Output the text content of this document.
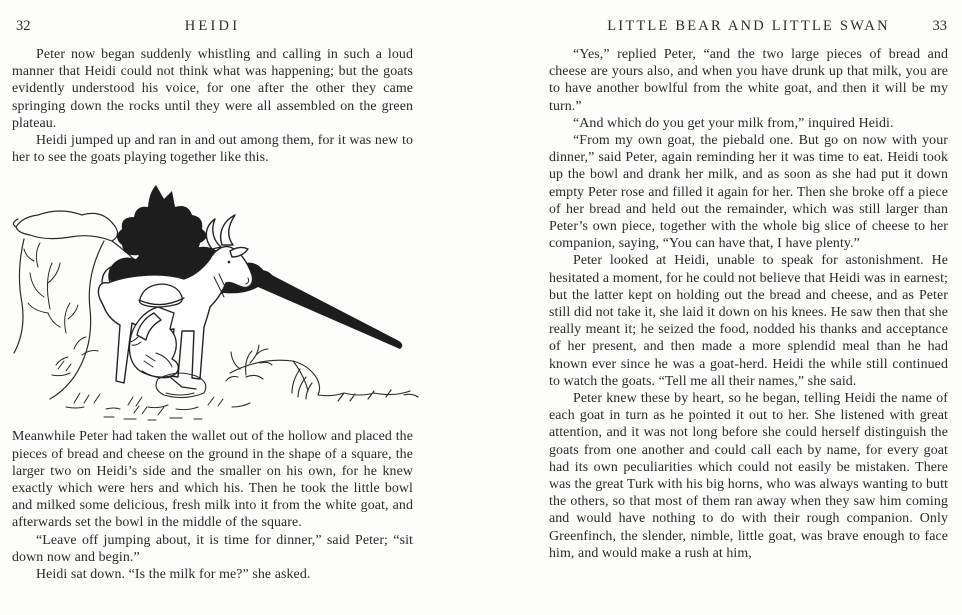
32	HEIDI

Peter now began suddenly whistling and calling in such a loud manner that Heidi could not think what was happening; but the goats evidently understood his voice, for one after the other they came springing down the rocks until they were all assembled on the green plateau.

Heidi jumped up and ran in and out among them, for it was new to her to see the goats playing together like this.

Meanwhile Peter had taken the wallet out of the hollow and placed the pieces of bread and cheese on the ground in the shape of a square, the larger two on Heidi’s side and the smaller on his own, for he knew exactly which were hers and which his. Then he took the little bowl and milked some delicious, fresh milk into it from the white goat, and afterwards set the bowl in the middle of the square.

“Leave off jumping about, it is time for dinner,” said Peter; “sit down now and begin.”

Heidi sat down. “Is the milk for me?” she asked.

LITTLE BEAR AND LITTLE SWAN	33

“Yes,” replied Peter, “and the two large pieces of bread and cheese are yours also, and when you have drunk up that milk, you are to have another bowlful from the white goat, and then it will be my turn.”

“And which do you get your milk from,” inquired Heidi.

“From my own goat, the piebald one. But go on now with your dinner,” said Peter, again reminding her it was time to eat. Heidi took up the bowl and drank her milk, and as soon as she had put it down empty Peter rose and filled it again for her. Then she broke off a piece of her bread and held out the remainder, which was still larger than Peter’s own piece, together with the whole big slice of cheese to her companion, saying, “You can have that, I have plenty.”

Peter looked at Heidi, unable to speak for astonishment. He hesitated a moment, for he could not believe that Heidi was in earnest; but the latter kept on holding out the bread and cheese, and as Peter still did not take it, she laid it down on his knees. He saw then that she really meant it; he seized the food, nodded his thanks and acceptance of her present, and then made a more splendid meal than he had known ever since he was a goat-herd. Heidi the while still continued to watch the goats. “Tell me all their names,” she said.

Peter knew these by heart, so he began, telling Heidi the name of each goat in turn as he pointed it out to her. She listened with great attention, and it was not long before she could herself distinguish the goats from one another and could call each by name, for every goat had its own peculiarities which could not easily be mistaken. There was the great Turk with his big horns, who was always wanting to butt the others, so that most of them ran away when they saw him coming and would have nothing to do with their rough companion. Only Greenfinch, the slender, nimble, little goat, was brave enough to face him, and would make a rush at him,
